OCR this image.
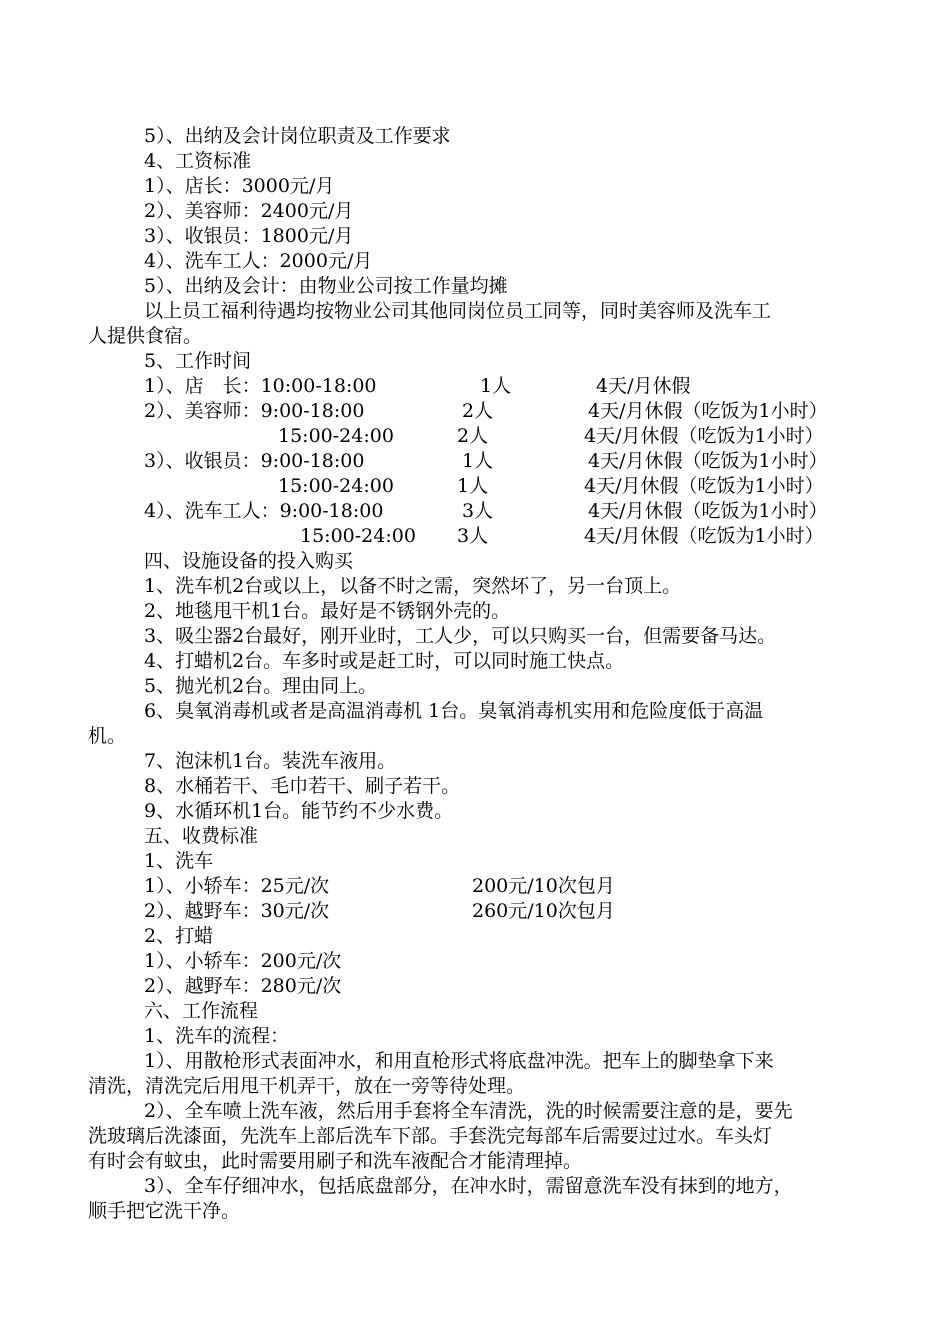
5）、出纳及会计岗位职责及工作要求
4、工资标准
1）、店长：3000元/月
2）、美容师：2400元/月
3）、收银员：1800元/月
4）、洗车工人：2000元/月
5）、出纳及会计：由物业公司按工作量均摊
以上员工福利待遇均按物业公司其他同岗位员工同等，同时美容师及洗车工
人提供食宿。
5、工作时间
1）、店　长：10:00-18:00	1人	4天/月休假
2）、美容师：9:00-18:00	2人	4天/月休假（吃饭为1小时）
15:00-24:00	2人	4天/月休假（吃饭为1小时）
3）、收银员：9:00-18:00	1人	4天/月休假（吃饭为1小时）
15:00-24:00	1人	4天/月休假（吃饭为1小时）
4）、洗车工人：9:00-18:00	3人	4天/月休假（吃饭为1小时）
15:00-24:00 3人	4天/月休假（吃饭为1小时）
四、设施设备的投入购买
1、洗车机2台或以上，以备不时之需，突然坏了，另一台顶上。
2、地毯甩干机1台。最好是不锈钢外壳的。
3、吸尘器2台最好，刚开业时，工人少，可以只购买一台，但需要备马达。
4、打蜡机2台。车多时或是赶工时，可以同时施工快点。
5、抛光机2台。理由同上。
6、臭氧消毒机或者是高温消毒机 1台。臭氧消毒机实用和危险度低于高温
机。
7、泡沫机1台。装洗车液用。
8、水桶若干、毛巾若干、刷子若干。
9、水循环机1台。能节约不少水费。
五、收费标准
1、洗车
1）、小轿车：25元/次	200元/10次包月
2）、越野车：30元/次	260元/10次包月
2、打蜡
1）、小轿车：200元/次
2）、越野车：280元/次
六、工作流程
1、洗车的流程：
1）、用散枪形式表面冲水，和用直枪形式将底盘冲洗。把车上的脚垫拿下来
清洗，清洗完后用甩干机弄干，放在一旁等待处理。
2）、全车喷上洗车液，然后用手套将全车清洗，洗的时候需要注意的是，要先
洗玻璃后洗漆面，先洗车上部后洗车下部。手套洗完每部车后需要过过水。车头灯
有时会有蚊虫，此时需要用刷子和洗车液配合才能清理掉。
3）、全车仔细冲水，包括底盘部分，在冲水时，需留意洗车没有抹到的地方，
顺手把它洗干净。
